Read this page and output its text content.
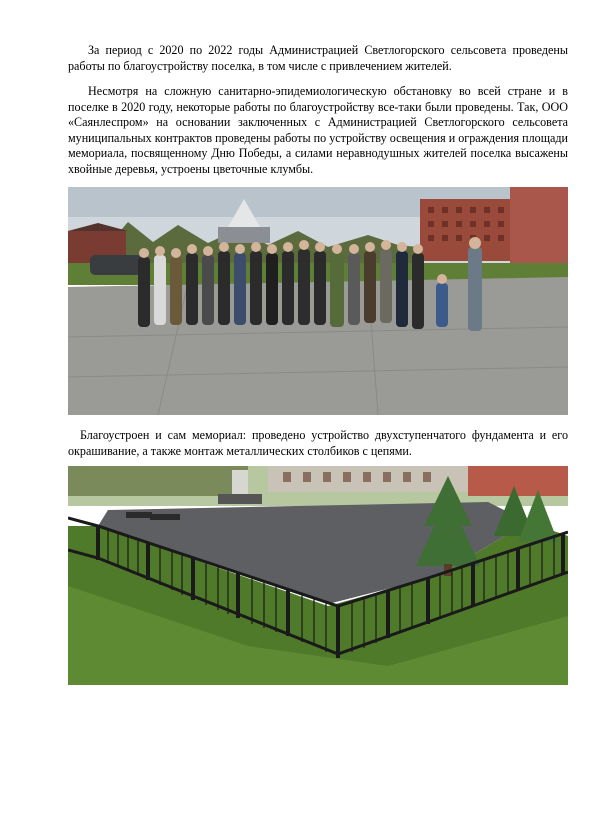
За период с 2020 по 2022 годы Администрацией Светлогорского сельсовета проведены работы по благоустройству поселка, в том числе с привлечением жителей.

Несмотря на сложную санитарно-эпидемиологическую обстановку во всей стране и в поселке в 2020 году, некоторые работы по благоустройству все-таки были проведены. Так, ООО «Саянлеспром» на основании заключенных с Администрацией Светлогорского сельсовета муниципальных контрактов проведены работы по устройству освещения и ограждения площади мемориала, посвященному Дню Победы, а силами неравнодушных жителей поселка высажены хвойные деревья, устроены цветочные клумбы.

Благоустроен и сам мемориал: проведено устройство двухступенчатого фундамента и его окрашивание, а также монтаж металлических столбиков с цепями.
